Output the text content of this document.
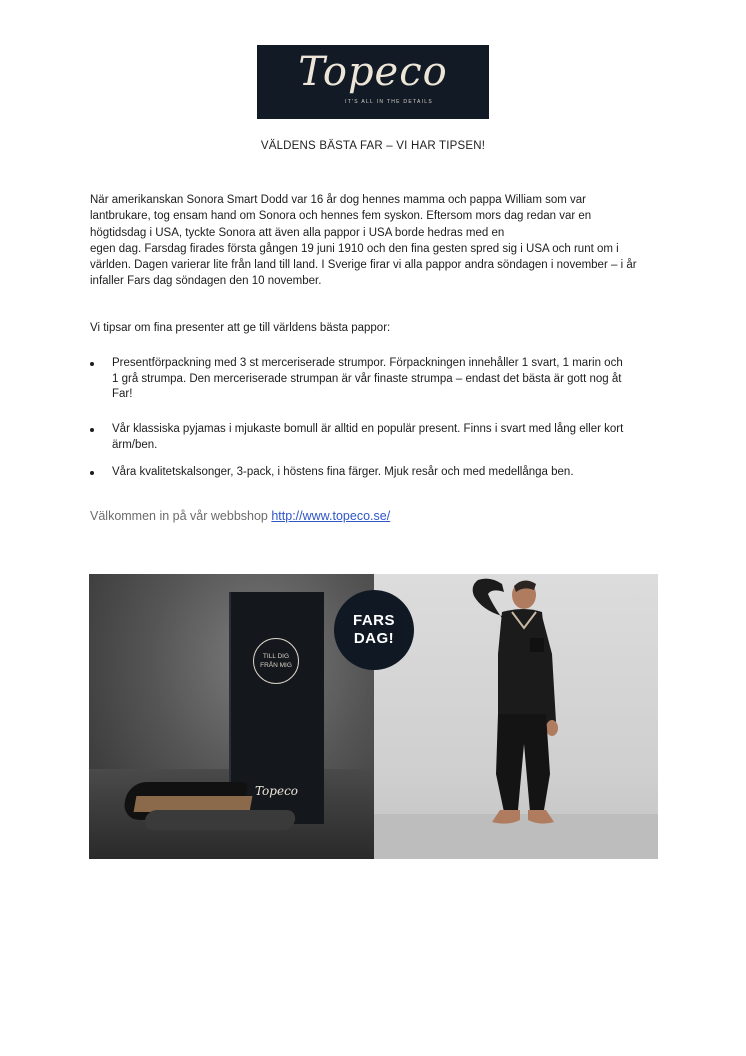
Topeco
IT'S ALL IN THE DETAILS
VÄLDENS BÄSTA FAR – VI HAR TIPSEN!
När amerikanskan Sonora Smart Dodd var 16 år dog hennes mamma och pappa William som var
lantbrukare, tog ensam hand om Sonora och hennes fem syskon. Eftersom mors dag redan var en
högtidsdag i USA, tyckte Sonora att även alla pappor i USA borde hedras med en
egen dag. Farsdag firades första gången 19 juni 1910 och den fina gesten spred sig i USA och runt om i
världen. Dagen varierar lite från land till land. I Sverige firar vi alla pappor andra söndagen i november – i år
infaller Fars dag söndagen den 10 november.
Vi tipsar om fina presenter att ge till världens bästa pappor:
Presentförpackning med 3 st merceriserade strumpor. Förpackningen innehåller 1 svart, 1 marin och
1 grå strumpa. Den merceriserade strumpan är vår finaste strumpa – endast det bästa är gott nog åt
Far!
Vår klassiska pyjamas i mjukaste bomull är alltid en populär present. Finns i svart med lång eller kort
ärm/ben.
Våra kvalitetskalsonger, 3-pack, i höstens fina färger. Mjuk resår och med medellånga ben.
Välkommen in på vår webbshop http://www.topeco.se/
TILL DIG
FRÅN MIG
Topeco
FARS
DAG!
